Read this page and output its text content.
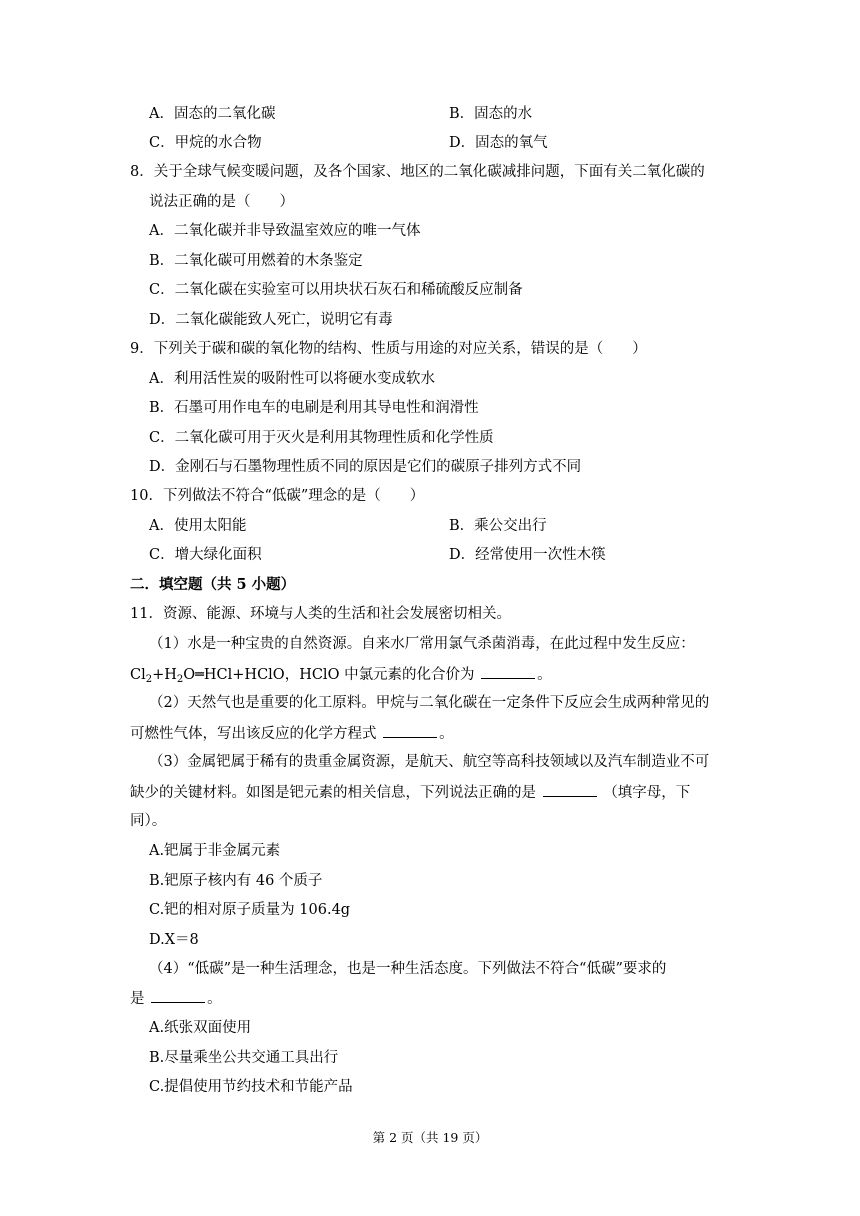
A．固态的二氧化碳	B．固态的水
C．甲烷的水合物	D．固态的氧气
8．关于全球气候变暖问题，及各个国家、地区的二氧化碳减排问题，下面有关二氧化碳的
说法正确的是（　　）
A．二氧化碳并非导致温室效应的唯一气体
B．二氧化碳可用燃着的木条鉴定
C．二氧化碳在实验室可以用块状石灰石和稀硫酸反应制备
D．二氧化碳能致人死亡，说明它有毒
9．下列关于碳和碳的氧化物的结构、性质与用途的对应关系，错误的是（　　）
A．利用活性炭的吸附性可以将硬水变成软水
B．石墨可用作电车的电刷是利用其导电性和润滑性
C．二氧化碳可用于灭火是利用其物理性质和化学性质
D．金刚石与石墨物理性质不同的原因是它们的碳原子排列方式不同
10．下列做法不符合“低碳”理念的是（　　）
A．使用太阳能	B．乘公交出行
C．增大绿化面积	D．经常使用一次性木筷
二．填空题（共 5 小题）
11．资源、能源、环境与人类的生活和社会发展密切相关。
（1）水是一种宝贵的自然资源。自来水厂常用氯气杀菌消毒，在此过程中发生反应：
$Cl_2+H_2O═HCl+HClO$，HClO 中氯元素的化合价为	。
（2）天然气也是重要的化工原料。甲烷与二氧化碳在一定条件下反应会生成两种常见的
可燃性气体，写出该反应的化学方程式	。
（3）金属钯属于稀有的贵重金属资源，是航天、航空等高科技领域以及汽车制造业不可
缺少的关键材料。如图是钯元素的相关信息，下列说法正确的是	（填字母，下
同）。
A.钯属于非金属元素
B.钯原子核内有 46 个质子
C.钯的相对原子质量为 106.4g
D.X＝8
（4）“低碳”是一种生活理念，也是一种生活态度。下列做法不符合“低碳”要求的
是	。
A.纸张双面使用
B.尽量乘坐公共交通工具出行
C.提倡使用节约技术和节能产品
第 2 页（共 19 页）
